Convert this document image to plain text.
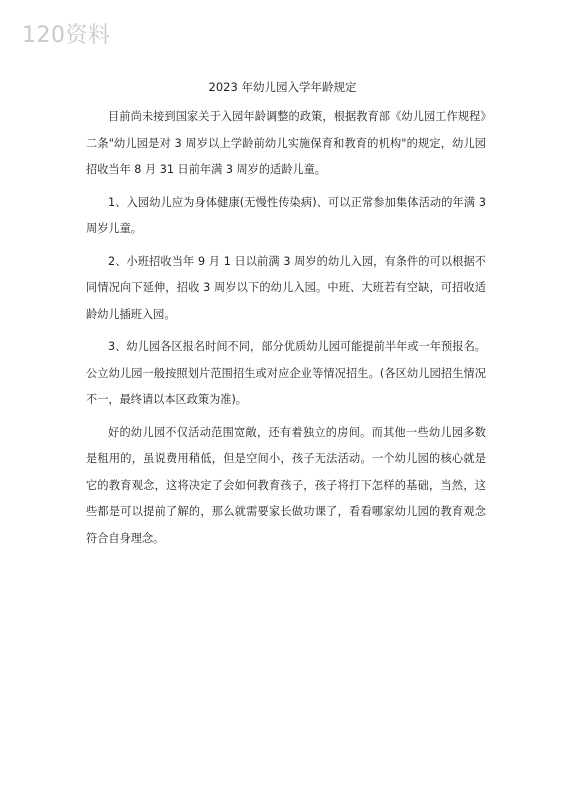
120资料
2023 年幼儿园入学年龄规定

目前尚未接到国家关于入园年龄调整的政策，根据教育部《幼儿园工作规程》二条"幼儿园是对 3 周岁以上学龄前幼儿实施保育和教育的机构"的规定，幼儿园招收当年 8 月 31 日前年满 3 周岁的适龄儿童。

1、入园幼儿应为身体健康(无慢性传染病)、可以正常参加集体活动的年满 3 周岁儿童。

2、小班招收当年 9 月 1 日以前满 3 周岁的幼儿入园，有条件的可以根据不同情况向下延伸，招收 3 周岁以下的幼儿入园。中班、大班若有空缺，可招收适龄幼儿插班入园。

3、幼儿园各区报名时间不同，部分优质幼儿园可能提前半年或一年预报名。公立幼儿园一般按照划片范围招生或对应企业等情况招生。(各区幼儿园招生情况不一，最终请以本区政策为准)。

好的幼儿园不仅活动范围宽敞，还有着独立的房间。而其他一些幼儿园多数是租用的，虽说费用稍低，但是空间小，孩子无法活动。一个幼儿园的核心就是它的教育观念，这将决定了会如何教育孩子，孩子将打下怎样的基础，当然，这些都是可以提前了解的，那么就需要家长做功课了，看看哪家幼儿园的教育观念符合自身理念。
